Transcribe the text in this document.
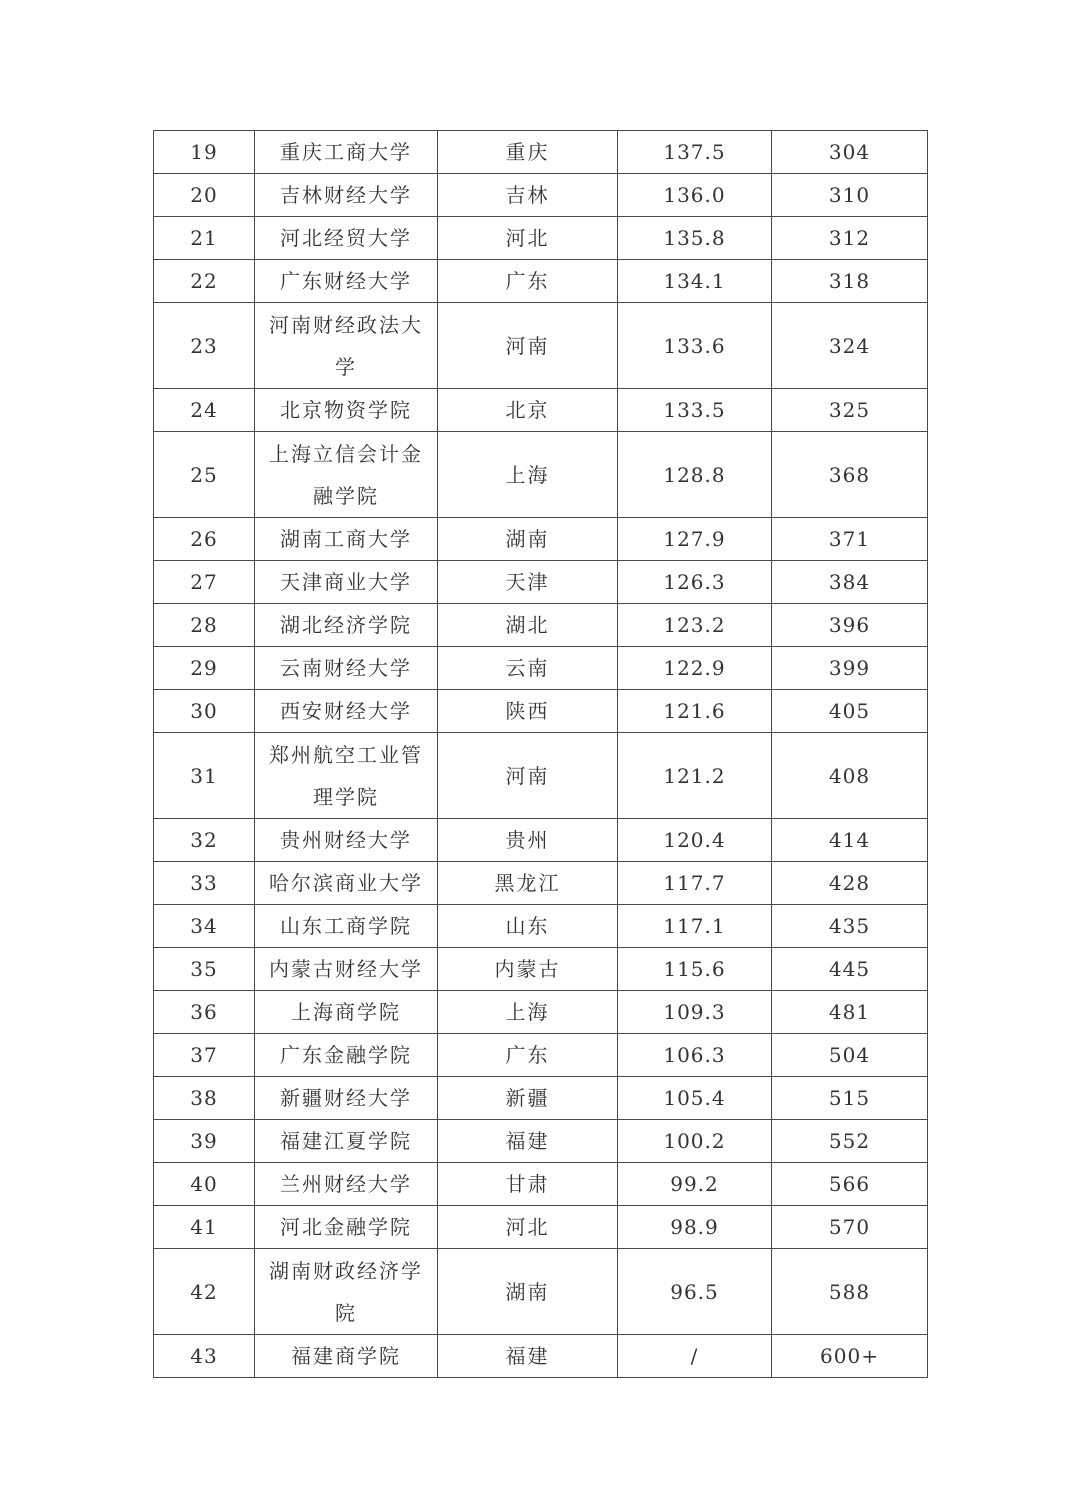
19	重庆工商大学	重庆	137.5	304
20	吉林财经大学	吉林	136.0	310
21	河北经贸大学	河北	135.8	312
22	广东财经大学	广东	134.1	318
23	河南财经政法大学	河南	133.6	324
24	北京物资学院	北京	133.5	325
25	上海立信会计金融学院	上海	128.8	368
26	湖南工商大学	湖南	127.9	371
27	天津商业大学	天津	126.3	384
28	湖北经济学院	湖北	123.2	396
29	云南财经大学	云南	122.9	399
30	西安财经大学	陕西	121.6	405
31	郑州航空工业管理学院	河南	121.2	408
32	贵州财经大学	贵州	120.4	414
33	哈尔滨商业大学	黑龙江	117.7	428
34	山东工商学院	山东	117.1	435
35	内蒙古财经大学	内蒙古	115.6	445
36	上海商学院	上海	109.3	481
37	广东金融学院	广东	106.3	504
38	新疆财经大学	新疆	105.4	515
39	福建江夏学院	福建	100.2	552
40	兰州财经大学	甘肃	99.2	566
41	河北金融学院	河北	98.9	570
42	湖南财政经济学院	湖南	96.5	588
43	福建商学院	福建	/	600+
